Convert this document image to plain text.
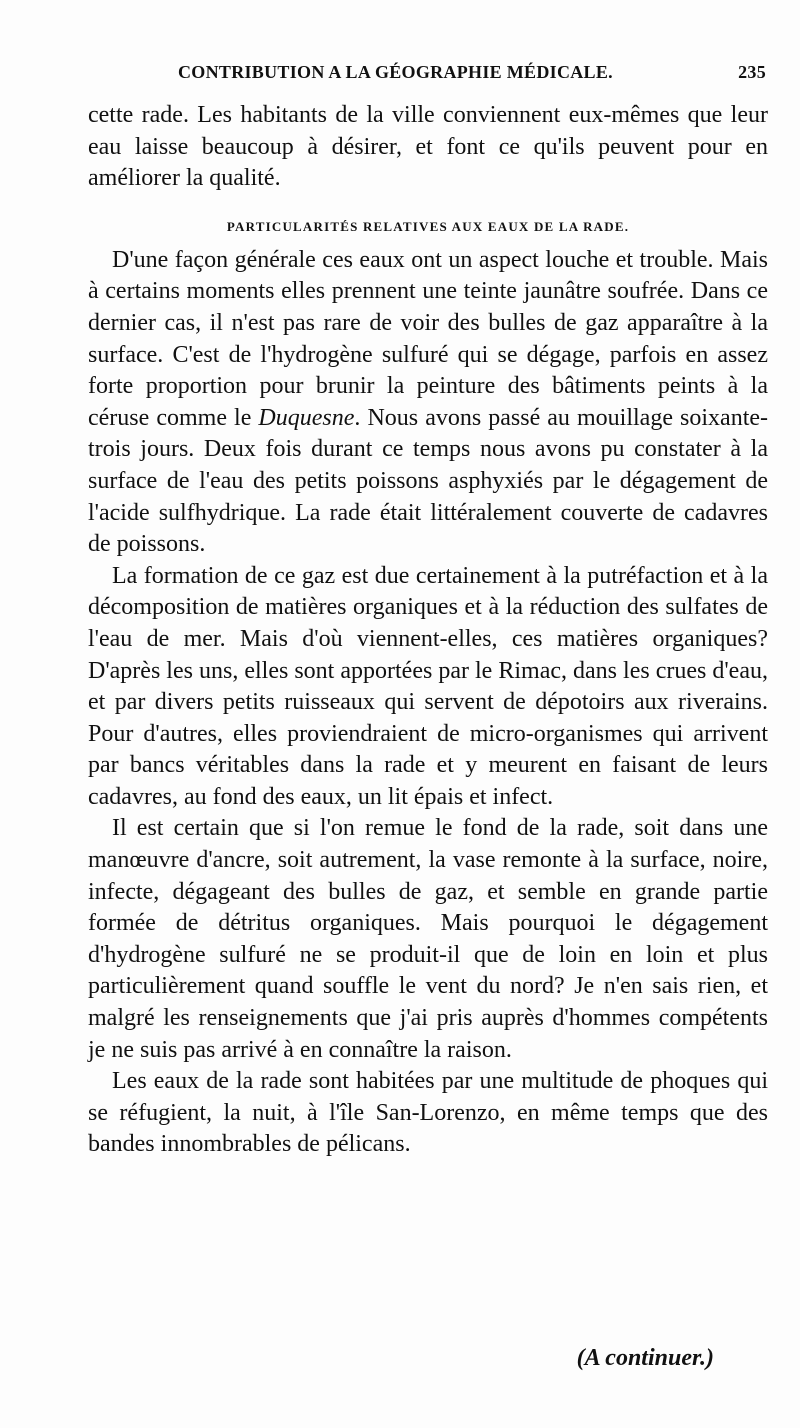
CONTRIBUTION A LA GÉOGRAPHIE MÉDICALE.	235

cette rade. Les habitants de la ville conviennent eux-mêmes que leur eau laisse beaucoup à désirer, et font ce qu'ils peuvent pour en améliorer la qualité.

PARTICULARITÉS RELATIVES AUX EAUX DE LA RADE.

D'une façon générale ces eaux ont un aspect louche et trouble. Mais à certains moments elles prennent une teinte jaunâtre soufrée. Dans ce dernier cas, il n'est pas rare de voir des bulles de gaz apparaître à la surface. C'est de l'hydrogène sulfuré qui se dégage, parfois en assez forte proportion pour brunir la peinture des bâtiments peints à la céruse comme le Duquesne. Nous avons passé au mouillage soixante-trois jours. Deux fois durant ce temps nous avons pu constater à la surface de l'eau des petits poissons asphyxiés par le dégagement de l'acide sulfhydrique. La rade était littéralement couverte de cadavres de poissons.

La formation de ce gaz est due certainement à la putréfaction et à la décomposition de matières organiques et à la réduction des sulfates de l'eau de mer. Mais d'où viennent-elles, ces matières organiques? D'après les uns, elles sont apportées par le Rimac, dans les crues d'eau, et par divers petits ruisseaux qui servent de dépotoirs aux riverains. Pour d'autres, elles proviendraient de micro-organismes qui arrivent par bancs véritables dans la rade et y meurent en faisant de leurs cadavres, au fond des eaux, un lit épais et infect.

Il est certain que si l'on remue le fond de la rade, soit dans une manœuvre d'ancre, soit autrement, la vase remonte à la surface, noire, infecte, dégageant des bulles de gaz, et semble en grande partie formée de détritus organiques. Mais pourquoi le dégagement d'hydrogène sulfuré ne se produit-il que de loin en loin et plus particulièrement quand souffle le vent du nord? Je n'en sais rien, et malgré les renseignements que j'ai pris auprès d'hommes compétents je ne suis pas arrivé à en connaître la raison.

Les eaux de la rade sont habitées par une multitude de phoques qui se réfugient, la nuit, à l'île San-Lorenzo, en même temps que des bandes innombrables de pélicans.

(A continuer.)
